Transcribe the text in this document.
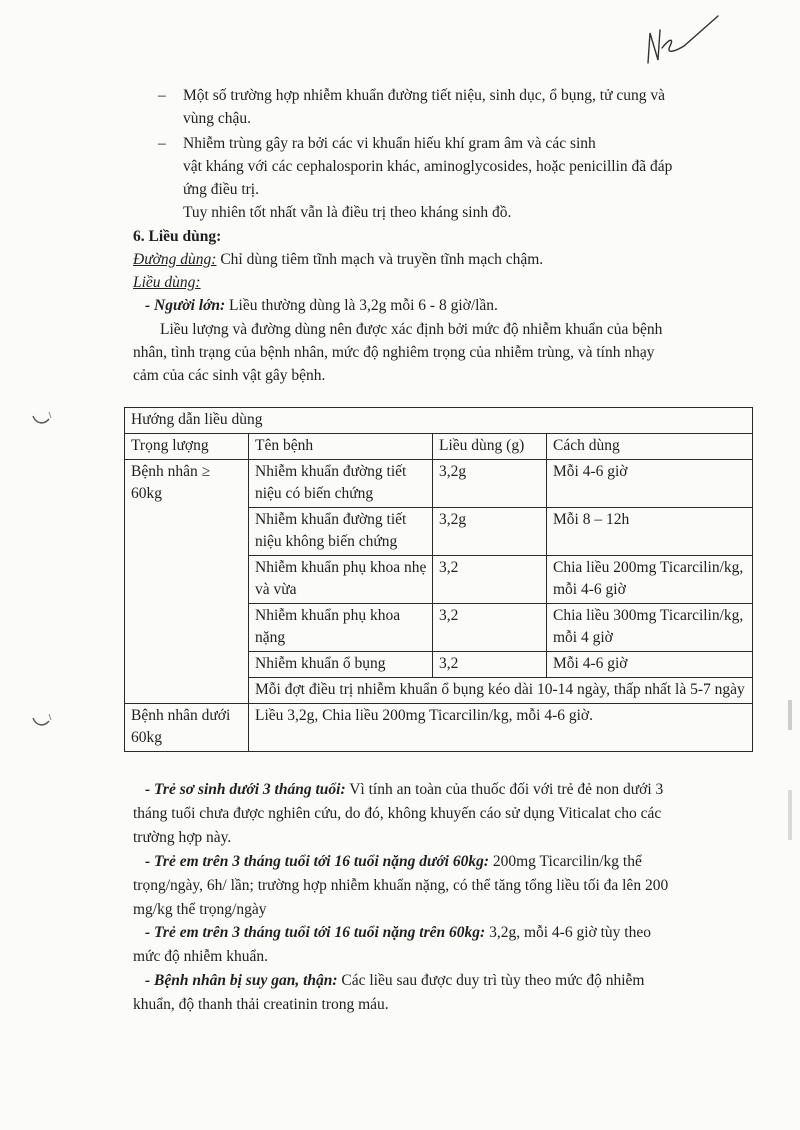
– Một số trường hợp nhiễm khuẩn đường tiết niệu, sinh dục, ổ bụng, tử cung và
vùng chậu.
– Nhiễm trùng gây ra bởi các vi khuẩn hiếu khí gram âm và các sinh
vật kháng với các cephalosporin khác, aminoglycosides, hoặc penicillin đã đáp
ứng điều trị.
Tuy nhiên tốt nhất vẫn là điều trị theo kháng sinh đồ.
6. Liều dùng:
Đường dùng: Chỉ dùng tiêm tĩnh mạch và truyền tĩnh mạch chậm.
Liều dùng:
- Người lớn: Liều thường dùng là 3,2g mỗi 6 - 8 giờ/lần.
Liều lượng và đường dùng nên được xác định bởi mức độ nhiễm khuẩn của bệnh
nhân, tình trạng của bệnh nhân, mức độ nghiêm trọng của nhiễm trùng, và tính nhạy
cảm của các sinh vật gây bệnh.
Hướng dẫn liều dùng			
Trọng lượng	Tên bệnh	Liều dùng (g)	Cách dùng
Bệnh nhân ≥ 60kg	Nhiễm khuẩn đường tiết niệu có biến chứng	3,2g	Mỗi 4-6 giờ
	Nhiễm khuẩn đường tiết niệu không biến chứng	3,2g	Mỗi 8 – 12h
	Nhiễm khuẩn phụ khoa nhẹ và vừa	3,2	Chia liều 200mg Ticarcilin/kg, mỗi 4-6 giờ
	Nhiễm khuẩn phụ khoa nặng	3,2	Chia liều 300mg Ticarcilin/kg, mỗi 4 giờ
	Nhiễm khuẩn ổ bụng	3,2	Mỗi 4-6 giờ
	Mỗi đợt điều trị nhiễm khuẩn ổ bụng kéo dài 10-14 ngày, thấp nhất là 5-7 ngày		
Bệnh nhân dưới 60kg	Liều 3,2g, Chia liều 200mg Ticarcilin/kg, mỗi 4-6 giờ.		
- Trẻ sơ sinh dưới 3 tháng tuổi: Vì tính an toàn của thuốc đối với trẻ đẻ non dưới 3
tháng tuổi chưa được nghiên cứu, do đó, không khuyến cáo sử dụng Viticalat cho các
trường hợp này.
- Trẻ em trên 3 tháng tuổi tới 16 tuổi nặng dưới 60kg: 200mg Ticarcilin/kg thể
trọng/ngày, 6h/ lần; trường hợp nhiễm khuẩn nặng, có thể tăng tổng liều tối đa lên 200
mg/kg thể trọng/ngày
- Trẻ em trên 3 tháng tuổi tới 16 tuổi nặng trên 60kg: 3,2g, mỗi 4-6 giờ tùy theo
mức độ nhiễm khuẩn.
- Bệnh nhân bị suy gan, thận: Các liều sau được duy trì tùy theo mức độ nhiễm
khuẩn, độ thanh thải creatinin trong máu.
